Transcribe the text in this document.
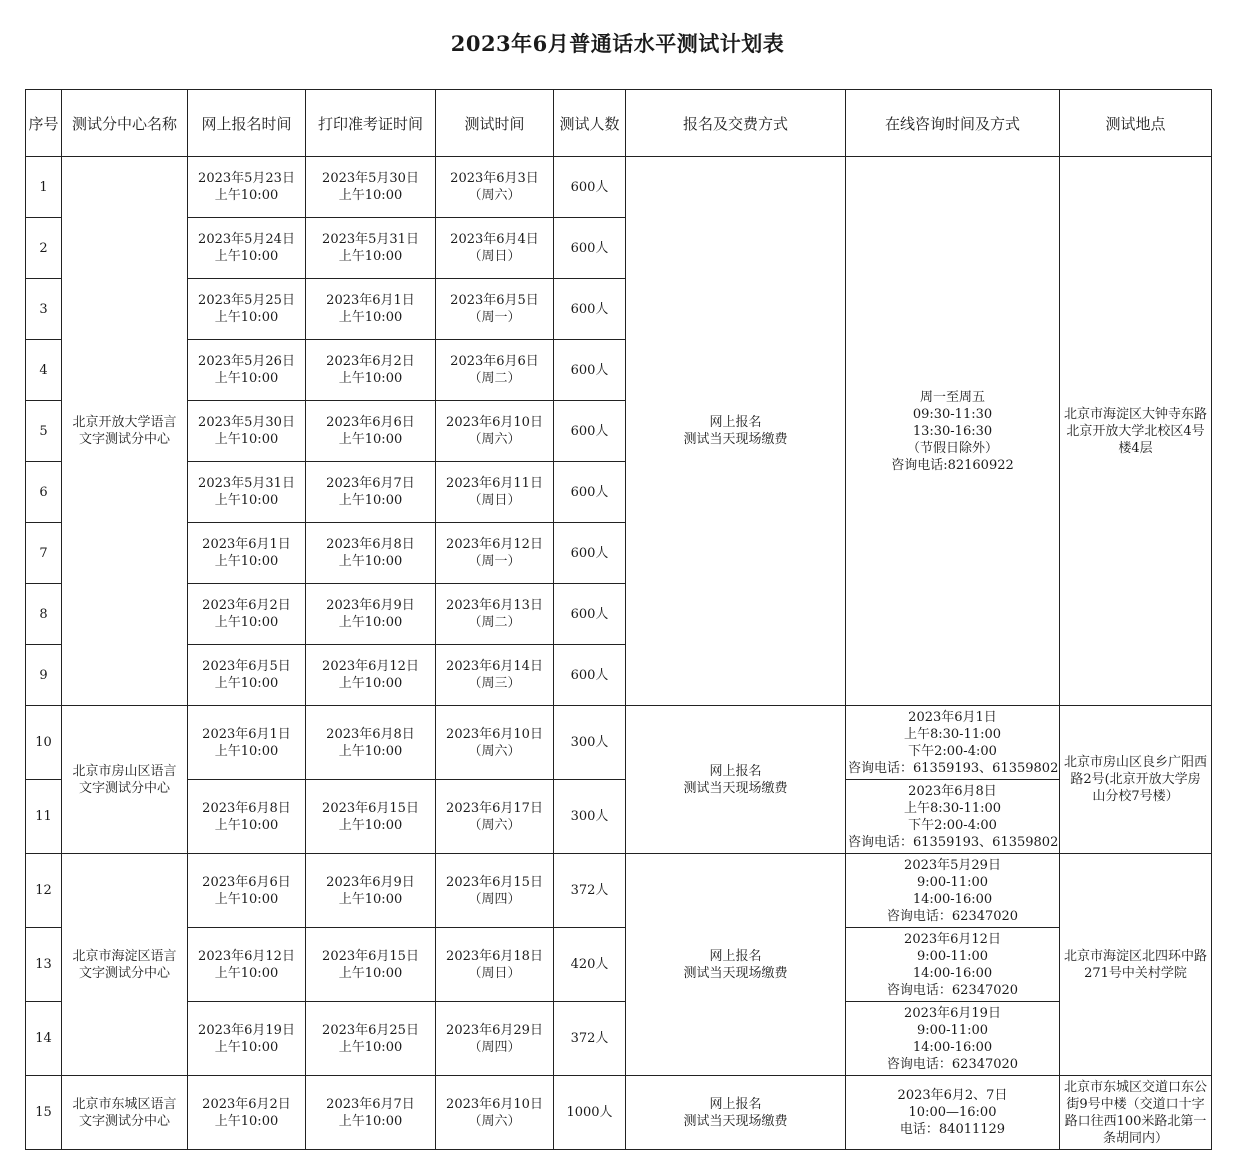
2023年6月普通话水平测试计划表
序号	测试分中心名称	网上报名时间	打印准考证时间	测试时间	测试人数	报名及交费方式	在线咨询时间及方式	测试地点
1	北京开放大学语言文字测试分中心	2023年5月23日
上午10:00	2023年5月30日
上午10:00	2023年6月3日
（周六）	600人	网上报名
测试当天现场缴费	周一至周五
09:30-11:30
13:30-16:30
（节假日除外）
咨询电话:82160922	北京市海淀区大钟寺东路北京开放大学北校区4号楼4层

2		2023年5月24日
上午10:00	2023年5月31日
上午10:00	2023年6月4日
（周日）	600人			
3		2023年5月25日
上午10:00	2023年6月1日
上午10:00	2023年6月5日
（周一）	600人			
4		2023年5月26日
上午10:00	2023年6月2日
上午10:00	2023年6月6日
（周二）	600人			
5		2023年5月30日
上午10:00	2023年6月6日
上午10:00	2023年6月10日
（周六）	600人			
6		2023年5月31日
上午10:00	2023年6月7日
上午10:00	2023年6月11日
（周日）	600人			
7		2023年6月1日
上午10:00	2023年6月8日
上午10:00	2023年6月12日
（周一）	600人			
8		2023年6月2日
上午10:00	2023年6月9日
上午10:00	2023年6月13日
（周二）	600人			
9		2023年6月5日
上午10:00	2023年6月12日
上午10:00	2023年6月14日
（周三）	600人			
10	北京市房山区语言文字测试分中心	2023年6月1日
上午10:00	2023年6月8日
上午10:00	2023年6月10日
（周六）	300人	网上报名
测试当天现场缴费	2023年6月1日
上午8:30-11:00
下午2:00-4:00
咨询电话：61359193、61359802	北京市房山区良乡广阳西路2号(北京开放大学房山分校7号楼）

11		2023年6月8日
上午10:00	2023年6月15日
上午10:00	2023年6月17日
（周六）	300人		2023年6月8日
上午8:30-11:00
下午2:00-4:00
咨询电话：61359193、61359802	

12	北京市海淀区语言文字测试分中心	2023年6月6日
上午10:00	2023年6月9日
上午10:00	2023年6月15日
（周四）	372人	网上报名
测试当天现场缴费	2023年5月29日
9:00-11:00
14:00-16:00
咨询电话：62347020	北京市海淀区北四环中路271号中关村学院

13		2023年6月12日
上午10:00	2023年6月15日
上午10:00	2023年6月18日
（周日）	420人		2023年6月12日
9:00-11:00
14:00-16:00
咨询电话：62347020	

14		2023年6月19日
上午10:00	2023年6月25日
上午10:00	2023年6月29日
（周四）	372人		2023年6月19日
9:00-11:00
14:00-16:00
咨询电话：62347020	

15	北京市东城区语言文字测试分中心	2023年6月2日
上午10:00	2023年6月7日
上午10:00	2023年6月10日
（周六）	1000人	网上报名
测试当天现场缴费	2023年6月2、7日
10:00—16:00
电话：84011129	北京市东城区交道口东公街9号中楼（交道口十字路口往西100米路北第一条胡同内）
